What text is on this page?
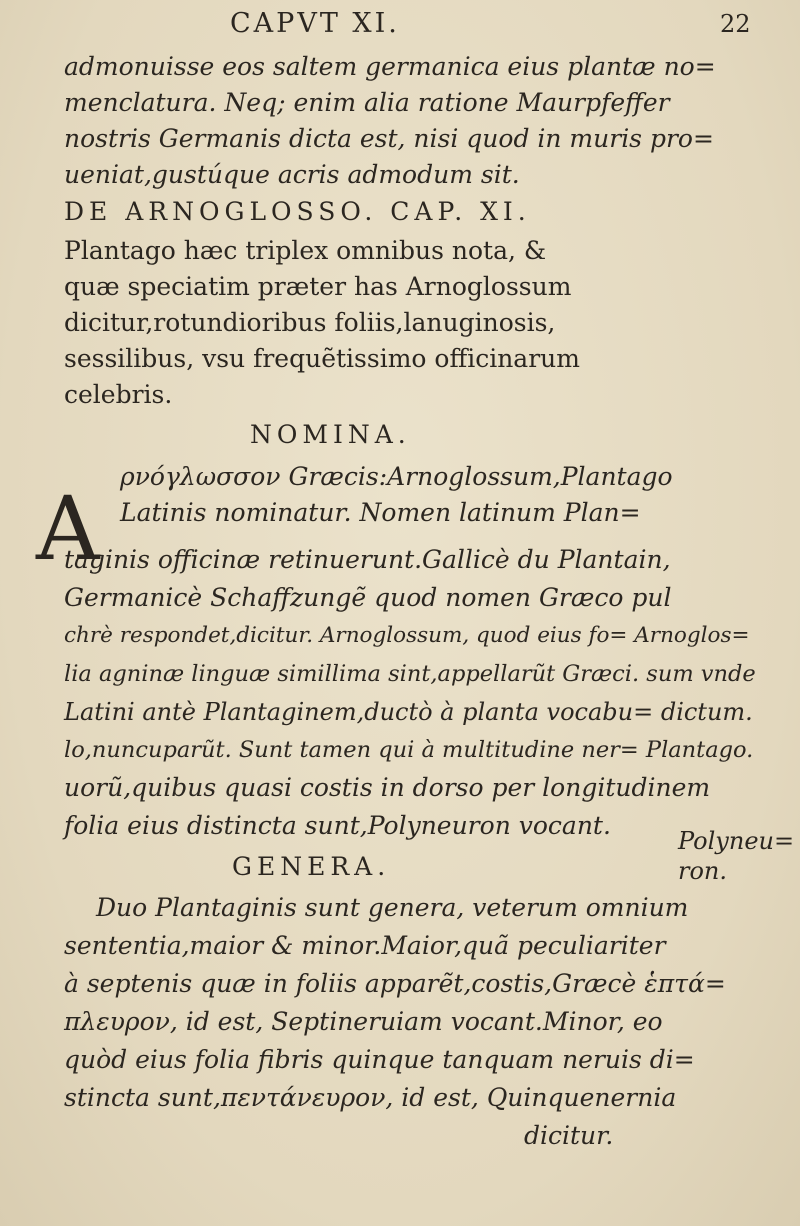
CAPVT XI.	22
A
admonuisse eos saltem germanica eius plantæ no=
menclatura. Neq; enim alia ratione Maurpfeffer
nostris Germanis dicta est, nisi quod in muris pro=
ueniat,gustúque acris admodum sit.
DE ARNOGLOSSO. CAP. XI.
Plantago hæc triplex omnibus nota, &
quæ speciatim præter has Arnoglossum
dicitur,rotundioribus foliis,lanuginosis,
sessilibus, vsu frequẽtissimo officinarum
celebris.
NOMINA.
ρνόγλωσσον Græcis:Arnoglossum,Plantago
Latinis nominatur. Nomen latinum Plan=
taginis officinæ retinuerunt.Gallicè du Plantain,
Germanicè Schaffzungẽ quod nomen Græco pul
chrè respondet,dicitur. Arnoglossum, quod eius fo= Arnoglos=
lia agninæ linguæ simillima sint,appellarũt Græci. sum vnde
Latini antè Plantaginem,ductò à planta vocabu= dictum.
lo,nuncuparũt. Sunt tamen qui à multitudine ner= Plantago.
uorũ,quibus quasi costis in dorso per longitudinem
folia eius distincta sunt,Polyneuron vocant.
GENERA.
Duo Plantaginis sunt genera, veterum omnium
sententia,maior & minor.Maior,quã peculiariter
à septenis quæ in foliis apparẽt,costis,Græcè ἑπτά=
πλευρον, id est, Septineruiam vocant.Minor, eo
quòd eius folia fibris quinque tanquam neruis di=
stincta sunt,πεντάνευρον, id est, Quinquenernia
dicitur.
Polyneu=
ron.
